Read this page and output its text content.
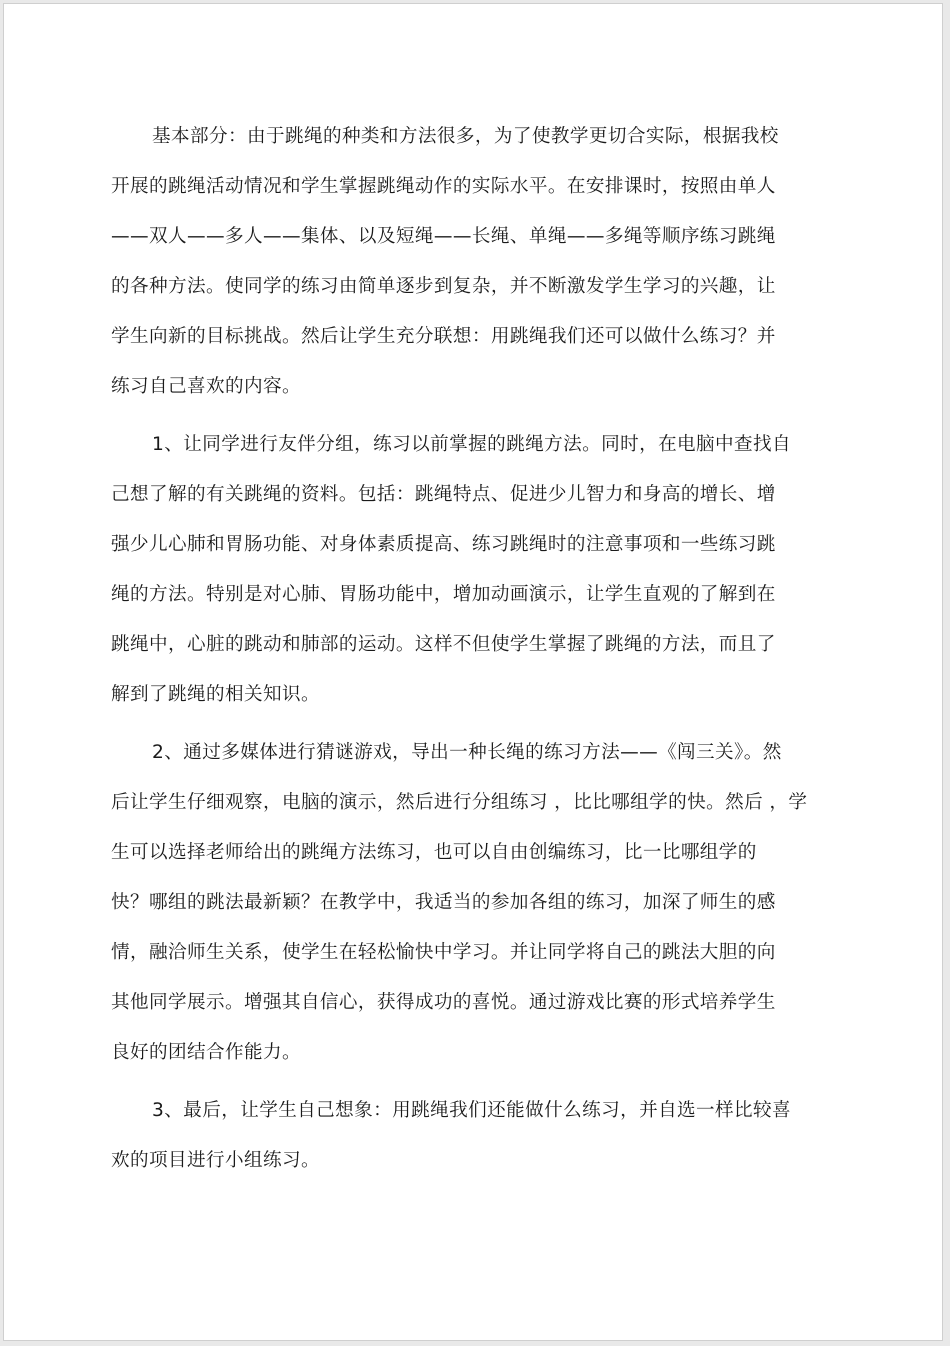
基本部分：由于跳绳的种类和方法很多，为了使教学更切合实际，根据我校
开展的跳绳活动情况和学生掌握跳绳动作的实际水平。在安排课时，按照由单人
——双人——多人——集体、以及短绳——长绳、单绳——多绳等顺序练习跳绳
的各种方法。使同学的练习由简单逐步到复杂，并不断激发学生学习的兴趣，让
学生向新的目标挑战。然后让学生充分联想：用跳绳我们还可以做什么练习？并
练习自己喜欢的内容。
1、让同学进行友伴分组，练习以前掌握的跳绳方法。同时，在电脑中查找自
己想了解的有关跳绳的资料。包括：跳绳特点、促进少儿智力和身高的增长、增
强少儿心肺和胃肠功能、对身体素质提高、练习跳绳时的注意事项和一些练习跳
绳的方法。特别是对心肺、胃肠功能中，增加动画演示，让学生直观的了解到在
跳绳中，心脏的跳动和肺部的运动。这样不但使学生掌握了跳绳的方法，而且了
解到了跳绳的相关知识。
2、通过多媒体进行猜谜游戏，导出一种长绳的练习方法——《闯三关》。然
后让学生仔细观察，电脑的演示，然后进行分组练习 ，比比哪组学的快。然后 ，学
生可以选择老师给出的跳绳方法练习，也可以自由创编练习，比一比哪组学的
快？哪组的跳法最新颖？在教学中，我适当的参加各组的练习，加深了师生的感
情，融洽师生关系，使学生在轻松愉快中学习。并让同学将自己的跳法大胆的向
其他同学展示。增强其自信心，获得成功的喜悦。通过游戏比赛的形式培养学生
良好的团结合作能力。
3、最后，让学生自己想象：用跳绳我们还能做什么练习，并自选一样比较喜
欢的项目进行小组练习。
